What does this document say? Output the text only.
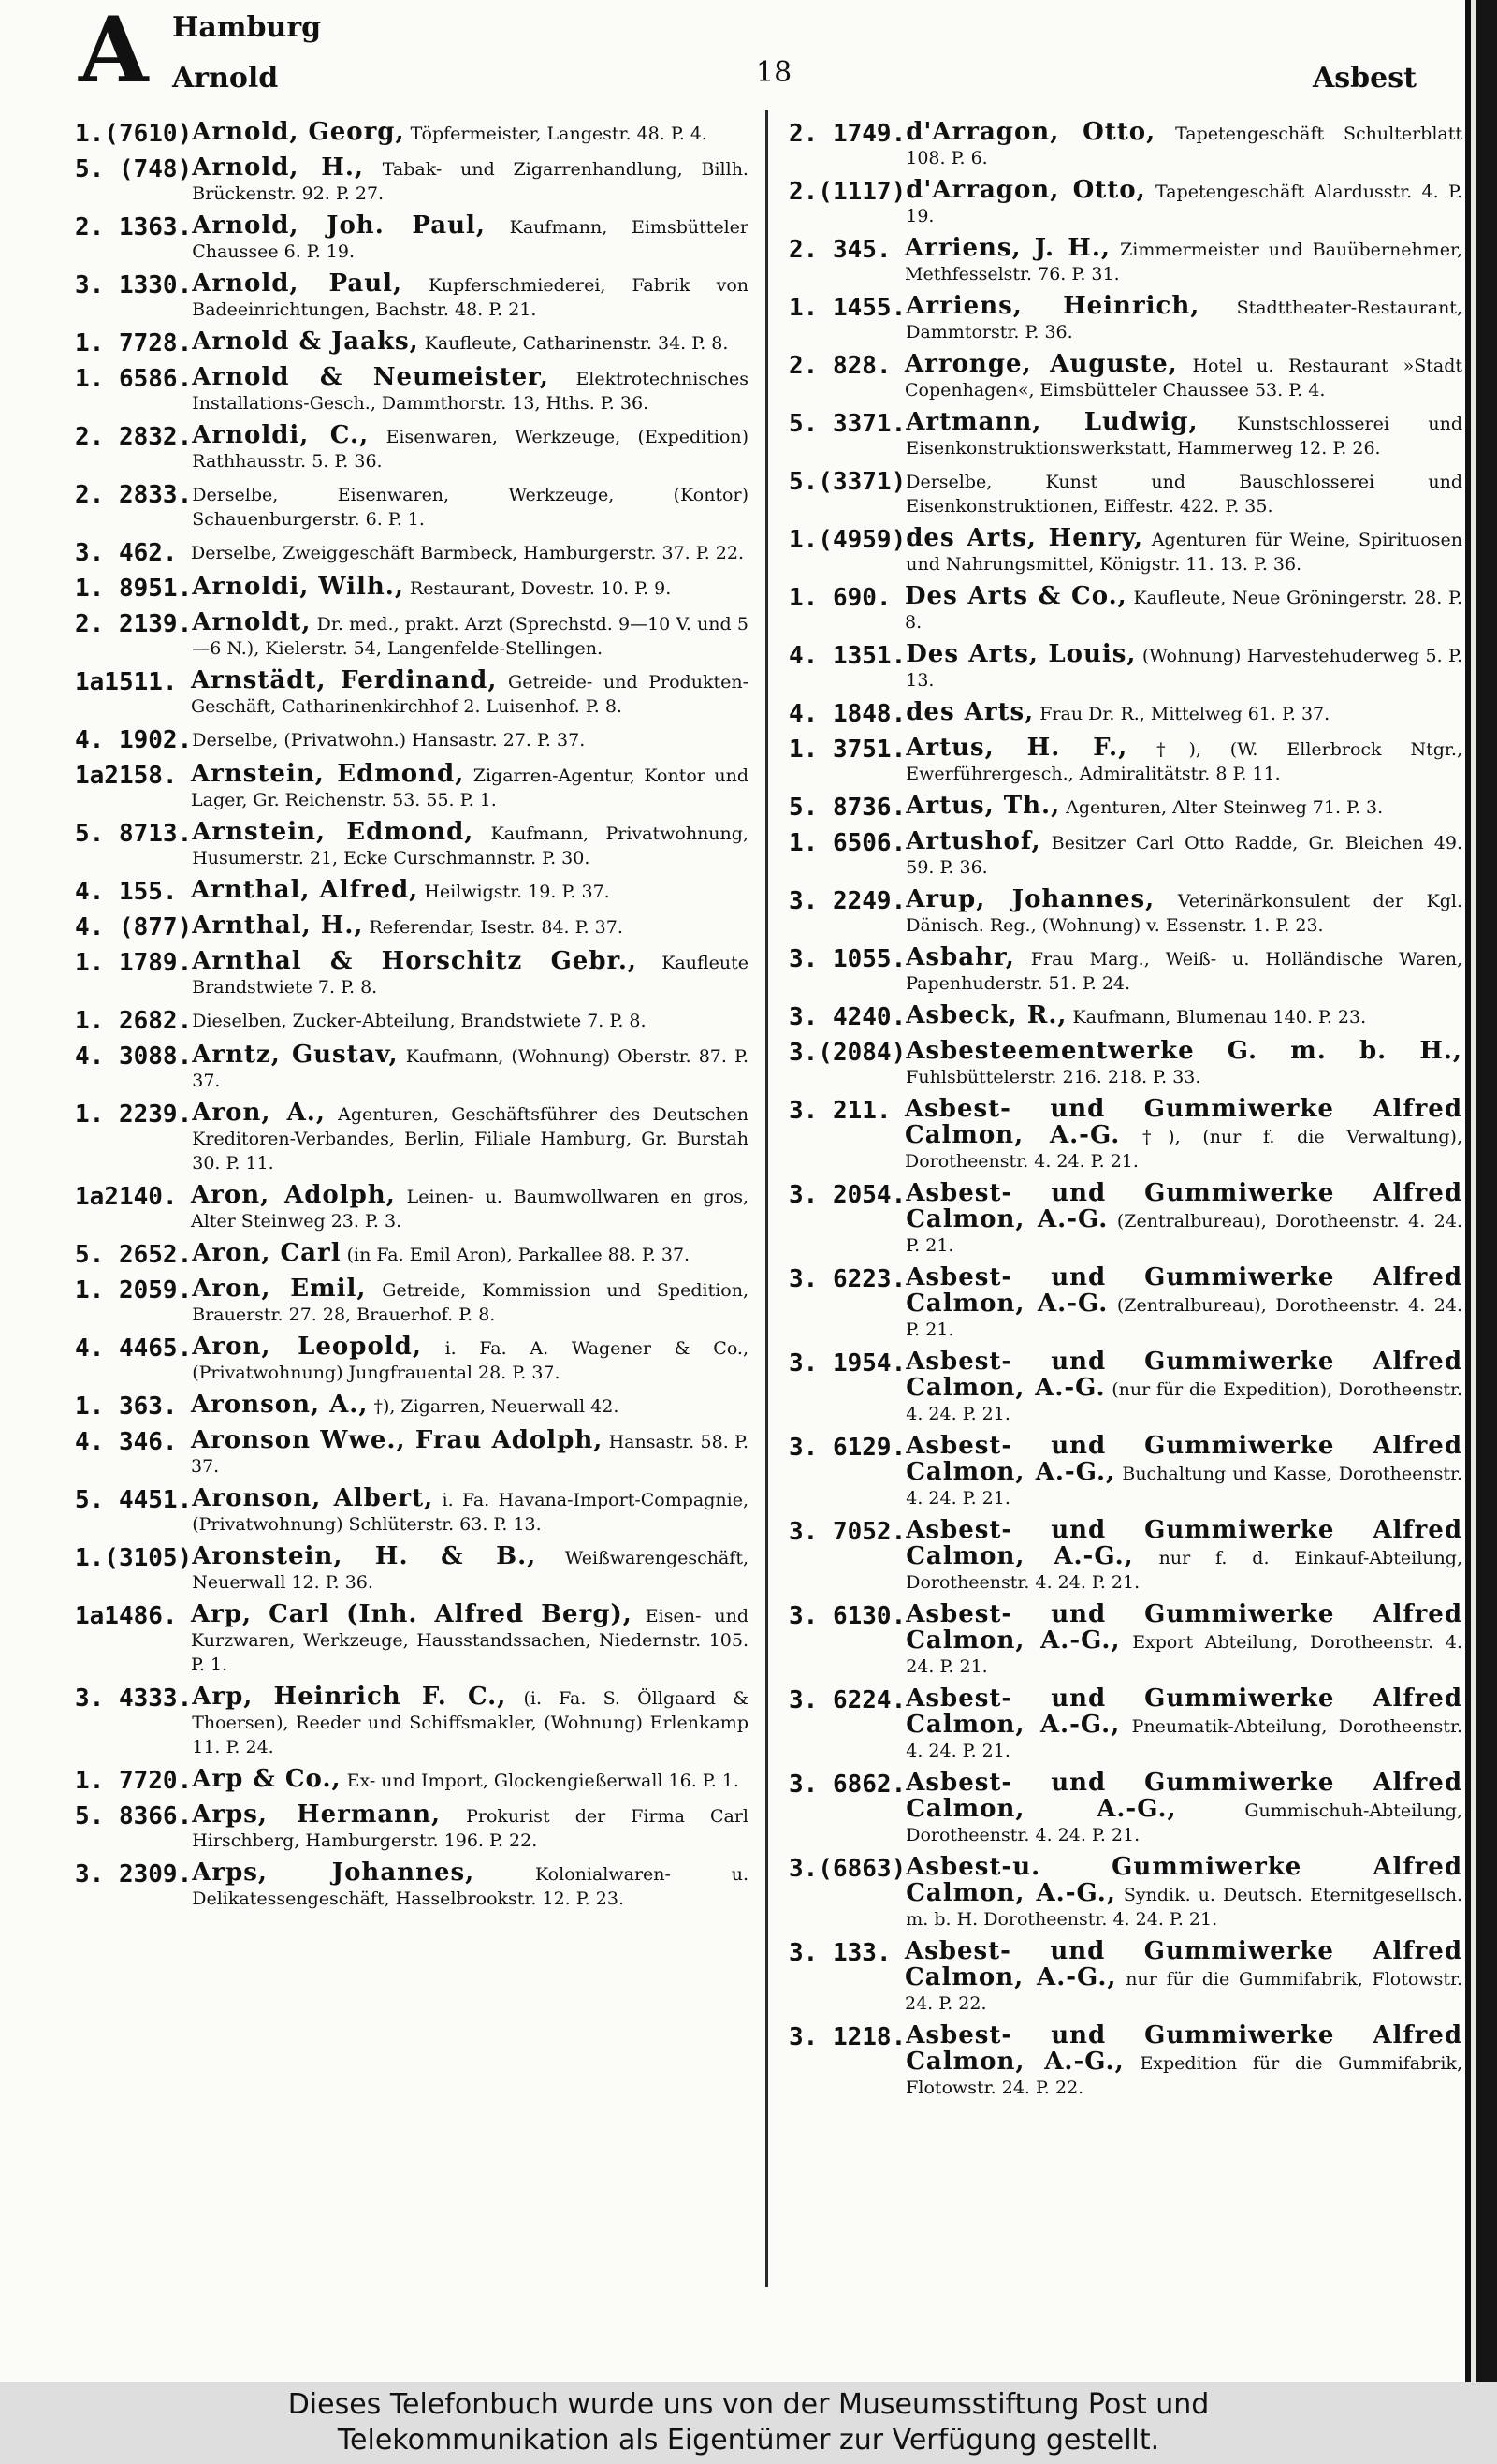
A Hamburg
Arnold	18	Asbest
1.(7610) Arnold, Georg, Töpfermeister, Langestr. 48. P. 4.
5. (748) Arnold, H., Tabak- und Zigarrenhandlung, Billh. Brückenstr. 92. P. 27.
2. 1363. Arnold, Joh. Paul, Kaufmann, Eimsbütteler Chaussee 6. P. 19.
3. 1330. Arnold, Paul, Kupferschmiederei, Fabrik von Badeeinrichtungen, Bachstr. 48. P. 21.
1. 7728. Arnold & Jaaks, Kaufleute, Catharinenstr. 34. P. 8.
1. 6586. Arnold & Neumeister, Elektrotechnisches Installations-Gesch., Dammthorstr. 13, Hths. P. 36.
2. 2832. Arnoldi, C., Eisenwaren, Werkzeuge, (Expedition) Rathhausstr. 5. P. 36.
2. 2833. Derselbe, Eisenwaren, Werkzeuge, (Kontor) Schauenburgerstr. 6. P. 1.
3. 462. Derselbe, Zweiggeschäft Barmbeck, Hamburgerstr. 37. P. 22.
1. 8951. Arnoldi, Wilh., Restaurant, Dovestr. 10. P. 9.
2. 2139. Arnoldt, Dr. med., prakt. Arzt (Sprechstd. 9—10 V. und 5—6 N.), Kielerstr. 54, Langenfelde-Stellingen.
1a1511. Arnstädt, Ferdinand, Getreide- und Produkten-Geschäft, Catharinenkirchhof 2. Luisenhof. P. 8.
4. 1902. Derselbe, (Privatwohn.) Hansastr. 27. P. 37.
1a2158. Arnstein, Edmond, Zigarren-Agentur, Kontor und Lager, Gr. Reichenstr. 53. 55. P. 1.
5. 8713. Arnstein, Edmond, Kaufmann, Privatwohnung, Husumerstr. 21, Ecke Curschmannstr. P. 30.
4. 155. Arnthal, Alfred, Heilwigstr. 19. P. 37.
4. (877) Arnthal, H., Referendar, Isestr. 84. P. 37.
1. 1789. Arnthal & Horschitz Gebr., Kaufleute Brandstwiete 7. P. 8.
1. 2682. Dieselben, Zucker-Abteilung, Brandstwiete 7. P. 8.
4. 3088. Arntz, Gustav, Kaufmann, (Wohnung) Oberstr. 87. P. 37.
1. 2239. Aron, A., Agenturen, Geschäftsführer des Deutschen Kreditoren-Verbandes, Berlin, Filiale Hamburg, Gr. Burstah 30. P. 11.
1a2140. Aron, Adolph, Leinen- u. Baumwollwaren en gros, Alter Steinweg 23. P. 3.
5. 2652. Aron, Carl (in Fa. Emil Aron), Parkallee 88. P. 37.
1. 2059. Aron, Emil, Getreide, Kommission und Spedition, Brauerstr. 27. 28, Brauerhof. P. 8.
4. 4465. Aron, Leopold, i. Fa. A. Wagener & Co., (Privatwohnung) Jungfrauental 28. P. 37.
1. 363. Aronson, A., †), Zigarren, Neuerwall 42.
4. 346. Aronson Wwe., Frau Adolph, Hansastr. 58. P. 37.
5. 4451. Aronson, Albert, i. Fa. Havana-Import-Compagnie, (Privatwohnung) Schlüterstr. 63. P. 13.
1.(3105) Aronstein, H. & B., Weißwarengeschäft, Neuerwall 12. P. 36.
1a1486. Arp, Carl (Inh. Alfred Berg), Eisen- und Kurzwaren, Werkzeuge, Hausstandssachen, Niedernstr. 105. P. 1.
3. 4333. Arp, Heinrich F. C., (i. Fa. S. Öllgaard & Thoersen), Reeder und Schiffsmakler, (Wohnung) Erlenkamp 11. P. 24.
1. 7720. Arp & Co., Ex- und Import, Glockengießerwall 16. P. 1.
5. 8366. Arps, Hermann, Prokurist der Firma Carl Hirschberg, Hamburgerstr. 196. P. 22.
3. 2309. Arps, Johannes,	Kolonialwaren- u. Delikatessengeschäft, Hasselbrookstr. 12. P. 23.
2. 1749. d'Arragon, Otto, Tapetengeschäft Schulterblatt 108. P. 6.
2.(1117) d'Arragon, Otto, Tapetengeschäft Alardusstr. 4. P. 19.
2. 345. Arriens, J. H., Zimmermeister und Bauübernehmer, Methfesselstr. 76. P. 31.
1. 1455. Arriens, Heinrich, Stadttheater-Restaurant, Dammtorstr. P. 36.
2. 828. Arronge, Auguste, Hotel u. Restaurant »Stadt Copenhagen«, Eimsbütteler Chaussee 53. P. 4.
5. 3371. Artmann, Ludwig, Kunstschlosserei und Eisenkonstruktionswerkstatt, Hammerweg 12. P. 26.
5.(3371) Derselbe, Kunst und Bauschlosserei und Eisenkonstruktionen, Eiffestr. 422. P. 35.
1.(4959) des Arts, Henry, Agenturen für Weine, Spirituosen und Nahrungsmittel, Königstr. 11. 13. P. 36.
1. 690. Des Arts & Co., Kaufleute, Neue Gröningerstr. 28. P. 8.
4. 1351. Des Arts, Louis, (Wohnung) Harvestehuderweg 5. P. 13.
4. 1848. des Arts, Frau Dr. R., Mittelweg 61. P. 37.
1. 3751. Artus, H. F., †), (W. Ellerbrock Ntgr., Ewerführergesch., Admiralitätstr. 8 P. 11.
5. 8736. Artus, Th., Agenturen, Alter Steinweg 71. P. 3.
1. 6506. Artushof, Besitzer Carl Otto Radde, Gr. Bleichen 49. 59. P. 36.
3. 2249. Arup, Johannes, Veterinärkonsulent der Kgl. Dänisch. Reg., (Wohnung) v. Essenstr. 1. P. 23.
3. 1055. Asbahr, Frau Marg., Weiß- u. Holländische Waren, Papenhuderstr. 51. P. 24.
3. 4240. Asbeck, R., Kaufmann, Blumenau 140. P. 23.
3.(2084) Asbesteementwerke G. m. b. H., Fuhlsbüttelerstr. 216. 218. P. 33.
3. 211. Asbest- und Gummiwerke Alfred Calmon, A.-G. †), (nur f. die Verwaltung), Dorotheenstr. 4. 24. P. 21.
3. 2054. Asbest- und Gummiwerke Alfred Calmon, A.-G. (Zentralbureau), Dorotheenstr. 4. 24. P. 21.
3. 6223. Asbest- und Gummiwerke Alfred Calmon, A.-G. (Zentralbureau), Dorotheenstr. 4. 24. P. 21.
3. 1954. Asbest- und Gummiwerke Alfred Calmon, A.-G. (nur für die Expedition), Dorotheenstr. 4. 24. P. 21.
3. 6129. Asbest- und Gummiwerke Alfred Calmon, A.-G., Buchaltung und Kasse, Dorotheenstr. 4. 24. P. 21.
3. 7052. Asbest- und Gummiwerke Alfred Calmon, A.-G., nur f. d. Einkauf-Abteilung, Dorotheenstr. 4. 24. P. 21.
3. 6130. Asbest- und Gummiwerke Alfred Calmon, A.-G., Export Abteilung, Dorotheenstr. 4. 24. P. 21.
3. 6224. Asbest- und Gummiwerke Alfred Calmon, A.-G., Pneumatik-Abteilung, Dorotheenstr. 4. 24. P. 21.
3. 6862. Asbest- und Gummiwerke Alfred Calmon, A.-G.,	Gummischuh-Abteilung, Dorotheenstr. 4. 24. P. 21.
3.(6863) Asbest-u. Gummiwerke Alfred Calmon, A.-G., Syndik. u. Deutsch. Eternitgesellsch. m. b. H. Dorotheenstr. 4. 24. P. 21.
3. 133. Asbest- und Gummiwerke Alfred Calmon, A.-G., nur für die Gummifabrik, Flotowstr. 24. P. 22.
3. 1218. Asbest- und Gummiwerke Alfred Calmon, A.-G., Expedition für die Gummifabrik, Flotowstr. 24. P. 22.
Dieses Telefonbuch wurde uns von der Museumsstiftung Post und
Telekommunikation als Eigentümer zur Verfügung gestellt.
